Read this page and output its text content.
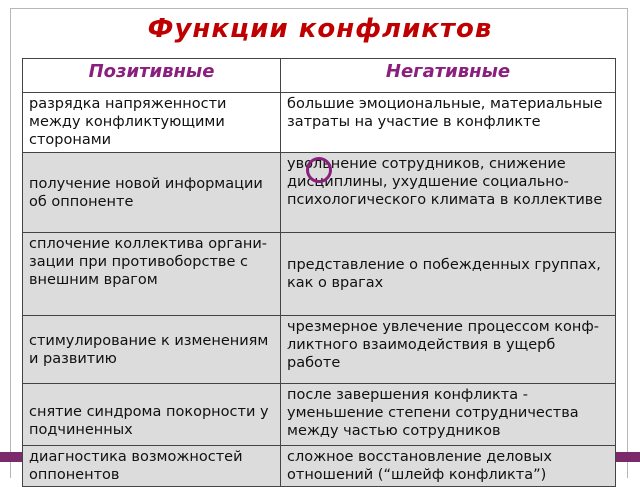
Функции конфликтов
Позитивные	Негативные
разрядка напряженности между конфликтующими сторонами	большие эмоциональные, материальные затраты на участие в конфликте
получение новой информации об оппоненте	увольнение сотрудников, снижение дисциплины, ухудшение социально-психологического климата в коллективе
сплочение коллектива органи-зации при противоборстве с внешним врагом	представление о побежденных группах, как о врагах
стимулирование к изменениям и развитию	чрезмерное увлечение процессом конф-ликтного взаимодействия в ущерб работе
снятие синдрома покорности у подчиненных	после завершения конфликта - уменьшение степени сотрудничества между частью сотрудников
диагностика возможностей оппонентов	сложное восстановление деловых отношений (“шлейф конфликта”)
